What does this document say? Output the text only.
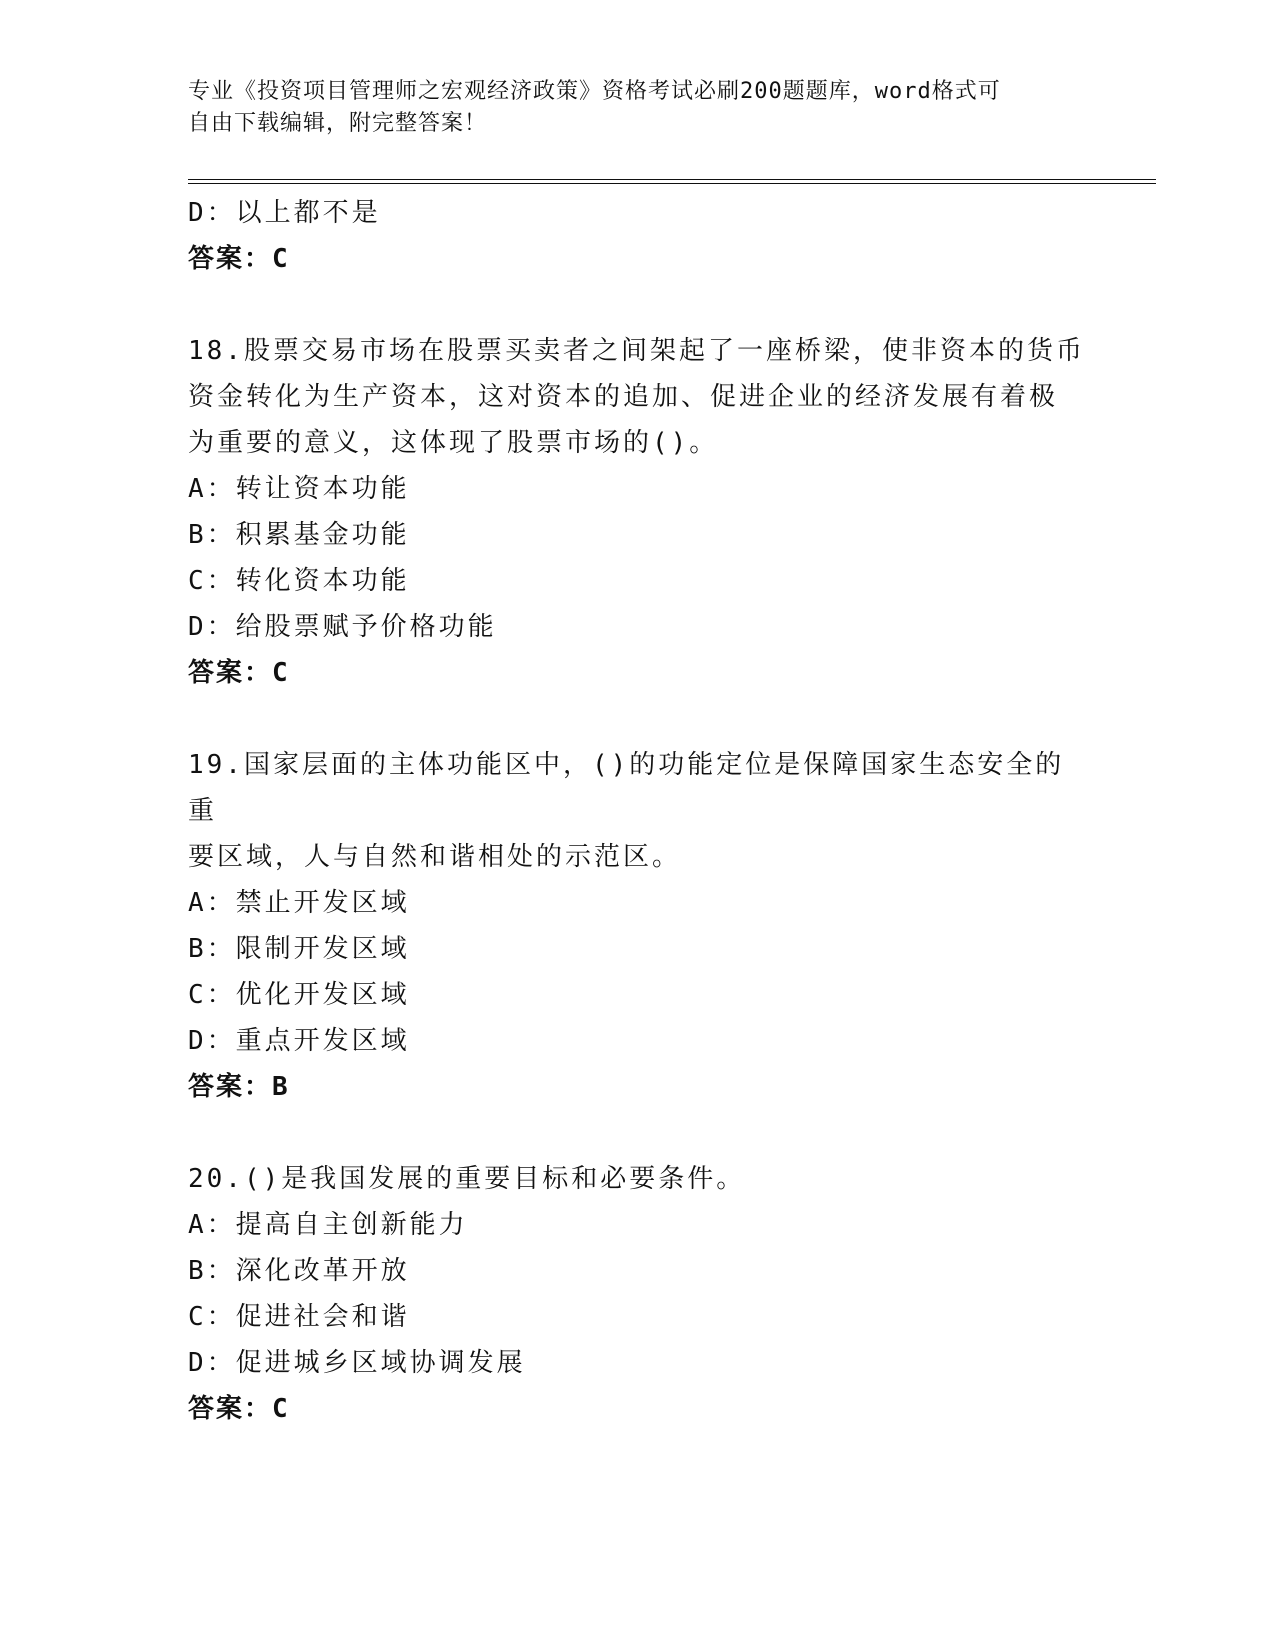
专业《投资项目管理师之宏观经济政策》资格考试必刷200题题库，word格式可
自由下载编辑，附完整答案！
D：以上都不是
答案：C
18.股票交易市场在股票买卖者之间架起了一座桥梁，使非资本的货币
资金转化为生产资本，这对资本的追加、促进企业的经济发展有着极
为重要的意义，这体现了股票市场的()。
A：转让资本功能
B：积累基金功能
C：转化资本功能
D：给股票赋予价格功能
答案：C
19.国家层面的主体功能区中，()的功能定位是保障国家生态安全的重
要区域，人与自然和谐相处的示范区。
A：禁止开发区域
B：限制开发区域
C：优化开发区域
D：重点开发区域
答案：B
20.()是我国发展的重要目标和必要条件。
A：提高自主创新能力
B：深化改革开放
C：促进社会和谐
D：促进城乡区域协调发展
答案：C
